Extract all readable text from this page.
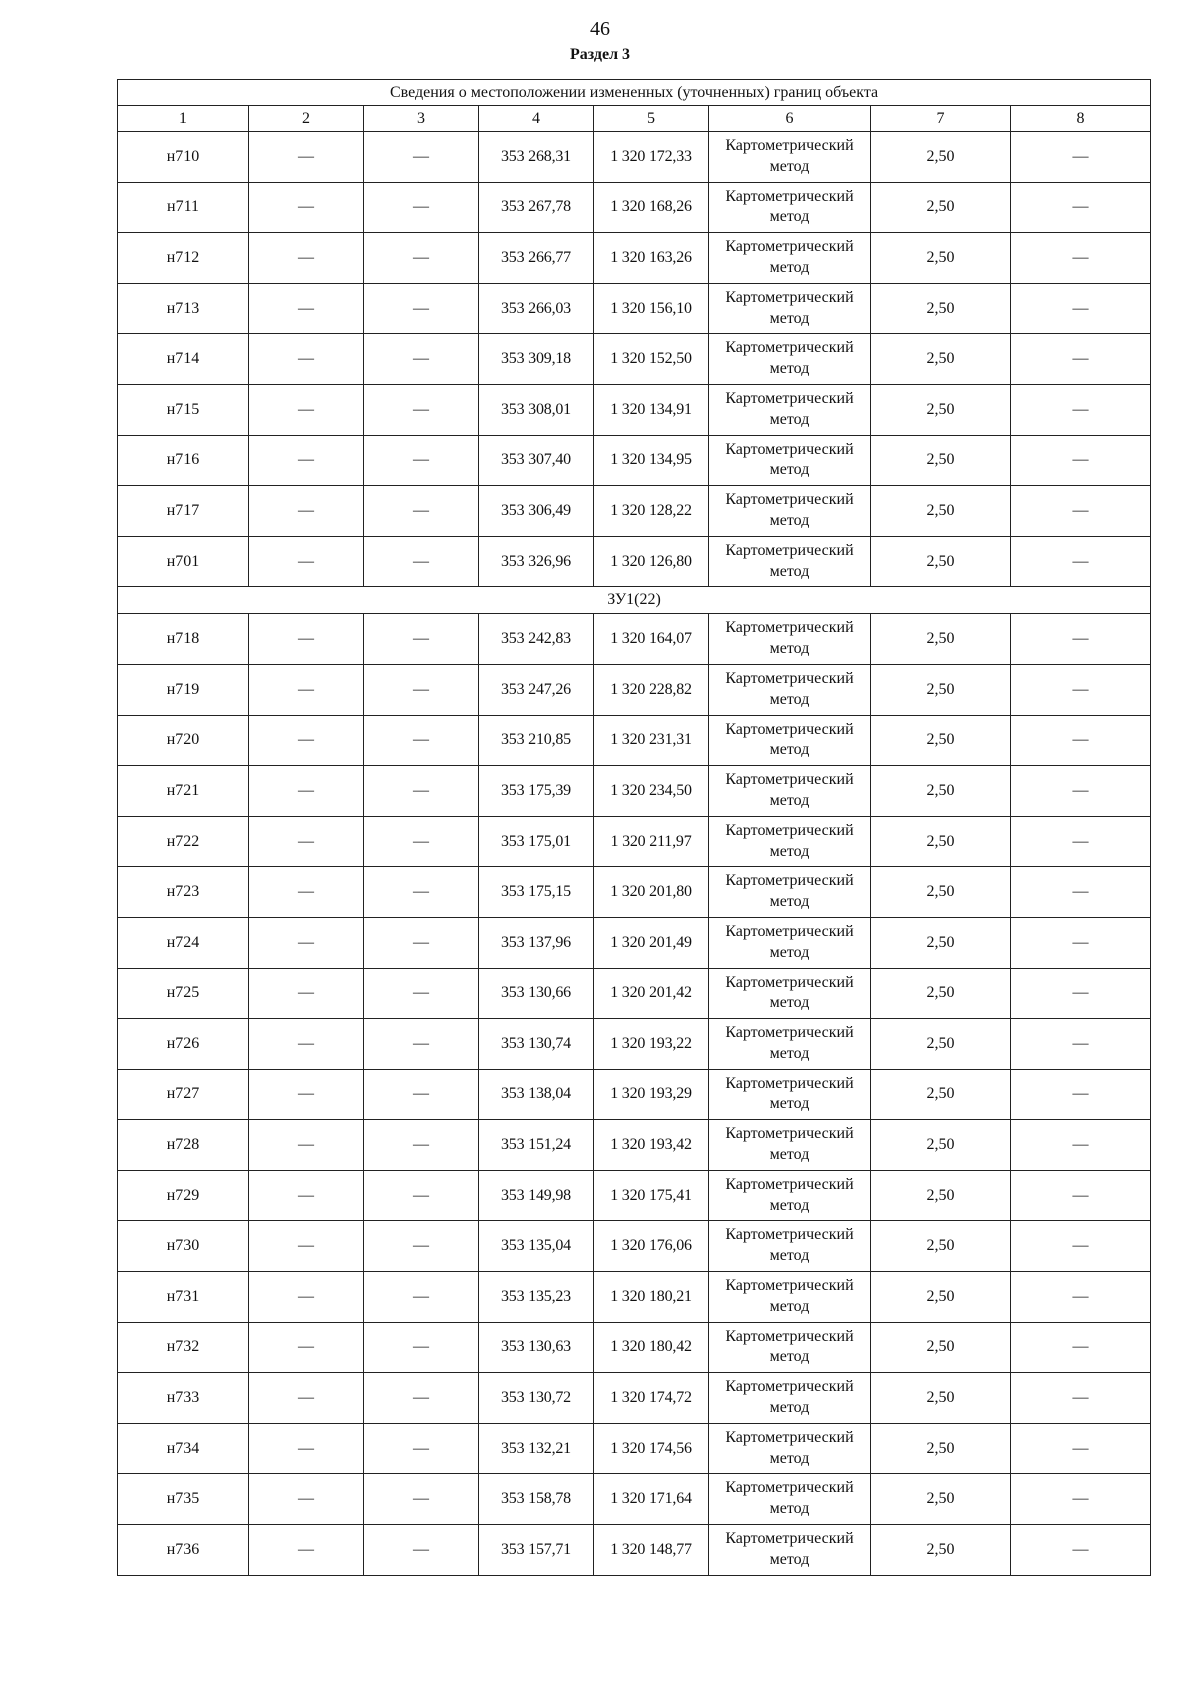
46
Раздел 3
Сведения о местоположении измененных (уточненных) границ объекта							
1	2	3	4	5	6	7	8
н710	—	—	353 268,31	1 320 172,33	Картометрический метод	2,50	—
н711	—	—	353 267,78	1 320 168,26	Картометрический метод	2,50	—
н712	—	—	353 266,77	1 320 163,26	Картометрический метод	2,50	—
н713	—	—	353 266,03	1 320 156,10	Картометрический метод	2,50	—
н714	—	—	353 309,18	1 320 152,50	Картометрический метод	2,50	—
н715	—	—	353 308,01	1 320 134,91	Картометрический метод	2,50	—
н716	—	—	353 307,40	1 320 134,95	Картометрический метод	2,50	—
н717	—	—	353 306,49	1 320 128,22	Картометрический метод	2,50	—
н701	—	—	353 326,96	1 320 126,80	Картометрический метод	2,50	—
ЗУ1(22)							
н718	—	—	353 242,83	1 320 164,07	Картометрический метод	2,50	—
н719	—	—	353 247,26	1 320 228,82	Картометрический метод	2,50	—
н720	—	—	353 210,85	1 320 231,31	Картометрический метод	2,50	—
н721	—	—	353 175,39	1 320 234,50	Картометрический метод	2,50	—
н722	—	—	353 175,01	1 320 211,97	Картометрический метод	2,50	—
н723	—	—	353 175,15	1 320 201,80	Картометрический метод	2,50	—
н724	—	—	353 137,96	1 320 201,49	Картометрический метод	2,50	—
н725	—	—	353 130,66	1 320 201,42	Картометрический метод	2,50	—
н726	—	—	353 130,74	1 320 193,22	Картометрический метод	2,50	—
н727	—	—	353 138,04	1 320 193,29	Картометрический метод	2,50	—
н728	—	—	353 151,24	1 320 193,42	Картометрический метод	2,50	—
н729	—	—	353 149,98	1 320 175,41	Картометрический метод	2,50	—
н730	—	—	353 135,04	1 320 176,06	Картометрический метод	2,50	—
н731	—	—	353 135,23	1 320 180,21	Картометрический метод	2,50	—
н732	—	—	353 130,63	1 320 180,42	Картометрический метод	2,50	—
н733	—	—	353 130,72	1 320 174,72	Картометрический метод	2,50	—
н734	—	—	353 132,21	1 320 174,56	Картометрический метод	2,50	—
н735	—	—	353 158,78	1 320 171,64	Картометрический метод	2,50	—
н736	—	—	353 157,71	1 320 148,77	Картометрический метод	2,50	—
